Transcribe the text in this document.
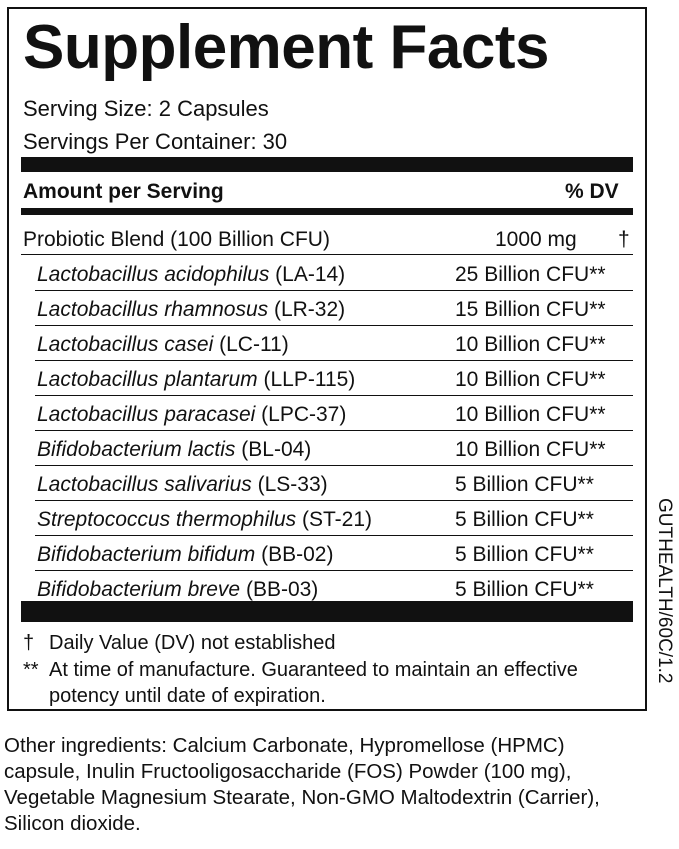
Supplement Facts
Serving Size: 2 Capsules
Servings Per Container: 30
Amount per Serving	% DV
Probiotic Blend (100 Billion CFU)	1000 mg †
† Daily Value (DV) not established
** At time of manufacture. Guaranteed to maintain an effective
potency until date of expiration.
Lactobacillus acidophilus (LA-14)	25 Billion CFU**
Lactobacillus rhamnosus (LR-32)	15 Billion CFU**
Lactobacillus casei (LC-11)	10 Billion CFU**
Lactobacillus plantarum (LLP-115)	10 Billion CFU**
Lactobacillus paracasei (LPC-37)	10 Billion CFU**
Bifidobacterium lactis (BL-04)	10 Billion CFU**
Lactobacillus salivarius (LS-33)	5 Billion CFU**
Streptococcus thermophilus (ST-21)	5 Billion CFU**
Bifidobacterium bifidum (BB-02)	5 Billion CFU**
Bifidobacterium breve (BB-03)	5 Billion CFU**	GUTHEALTH/60C/1.2
Other ingredients: Calcium Carbonate, Hypromellose (HPMC) capsule, Inulin Fructooligosaccharide (FOS) Powder (100 mg), Vegetable Magnesium Stearate, Non-GMO Maltodextrin (Carrier), Silicon dioxide.
